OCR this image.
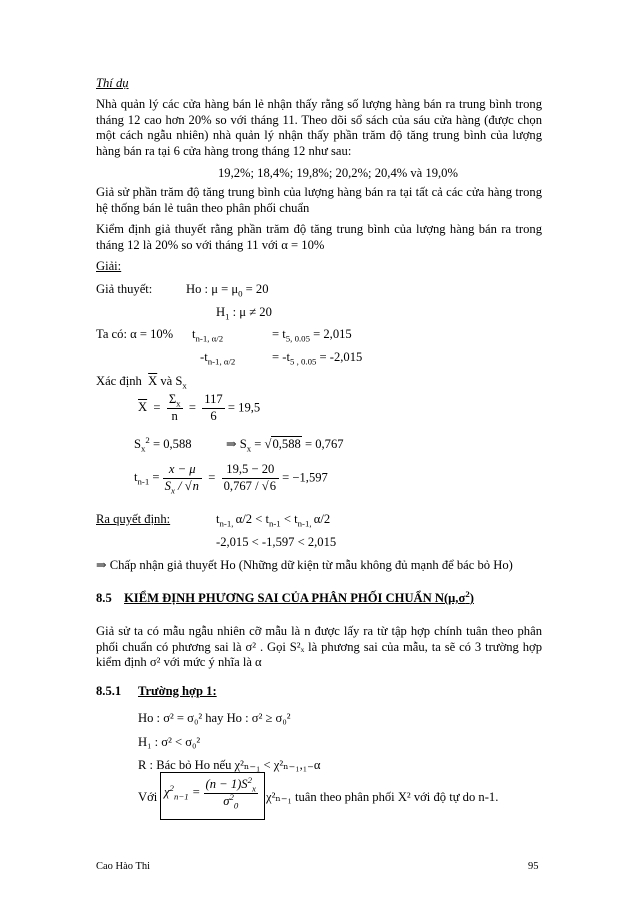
Thí dụ
Nhà quản lý các cửa hàng bán lẻ nhận thấy rằng số lượng hàng bán ra trung bình trong tháng 12 cao hơn 20% so với tháng 11. Theo dõi sổ sách của sáu cửa hàng (được chọn một cách ngẫu nhiên) nhà quản lý nhận thấy phần trăm độ tăng trung bình của lượng hàng bán ra tại 6 cửa hàng trong tháng 12 như sau:
19,2%; 18,4%; 19,8%; 20,2%; 20,4% và 19,0%
Giả sử phần trăm độ tăng trung bình của lượng hàng bán ra tại tất cả các cửa hàng trong hệ thống bán lẻ tuân theo phân phối chuẩn
Kiểm định giả thuyết rằng phần trăm độ tăng trung bình của lượng hàng bán ra trong tháng 12 là 20% so với tháng 11 với α = 10%
Giải:
Giả thuyết:	Ho : $\mu = \mu_0 = 20$
$H_1$ : μ ≠ 20
Ta có: α = 10% $t_{n-1, \alpha/2}$	= $t_{5, 0.05} = 2,015$
$-t_{n-1, \alpha/2}$	= $-t_{5 , 0.05} = -2,015$
Xác định $\overline{X}$ và $S_x$
$\overline{X} = \frac{\Sigma_x}{n} = \frac{117}{6} = 19,5$
$S_x^2 = 0,588$	⇒ $S_x = √0,588 = 0,767$
$t_{n-1} = \frac{x - \mu}{S_x / √n} = \frac{19,5 - 20}{0,767 / √6} = -1,597$
Ra quyết định:	$t_{n-1,}$ $\alpha/2 < t_{n-1} < t_{n-1,}$ α/2
-2,015 < -1,597 < 2,015
⇒ Chấp nhận giả thuyết Ho (Những dữ kiện từ mẫu không đủ mạnh để bác bỏ Ho)
8.5 KIỂM ĐỊNH PHƯƠNG SAI CỦA PHÂN PHỐI CHUẨN $N(\mu,\sigma^2)$
Giả sử ta có mẫu ngẫu nhiên cỡ mẫu là n được lấy ra từ tập hợp chính tuân theo phân phối chuẩn có phương sai là σ² . Gọi S²ₓ là phương sai của mẫu, ta sẽ có 3 trường hợp kiểm định σ² với mức ý nhĩa là α
8.5.1 Trường hợp 1:
Ho : σ² = σ₀² hay Ho : σ² ≥ σ₀²
H₁ : σ² < σ₀²
R : Bác bỏ Ho nếu χ²ₙ₋₁ < χ²ₙ₋₁,₁₋α
Với $\chi^2_{n-1} = \frac{(n - 1)S^2_x}{\sigma^2_0} \chi^2_{n-1}$ tuân theo phân phối X² với độ tự do n-1.
Cao Hào Thi	95
